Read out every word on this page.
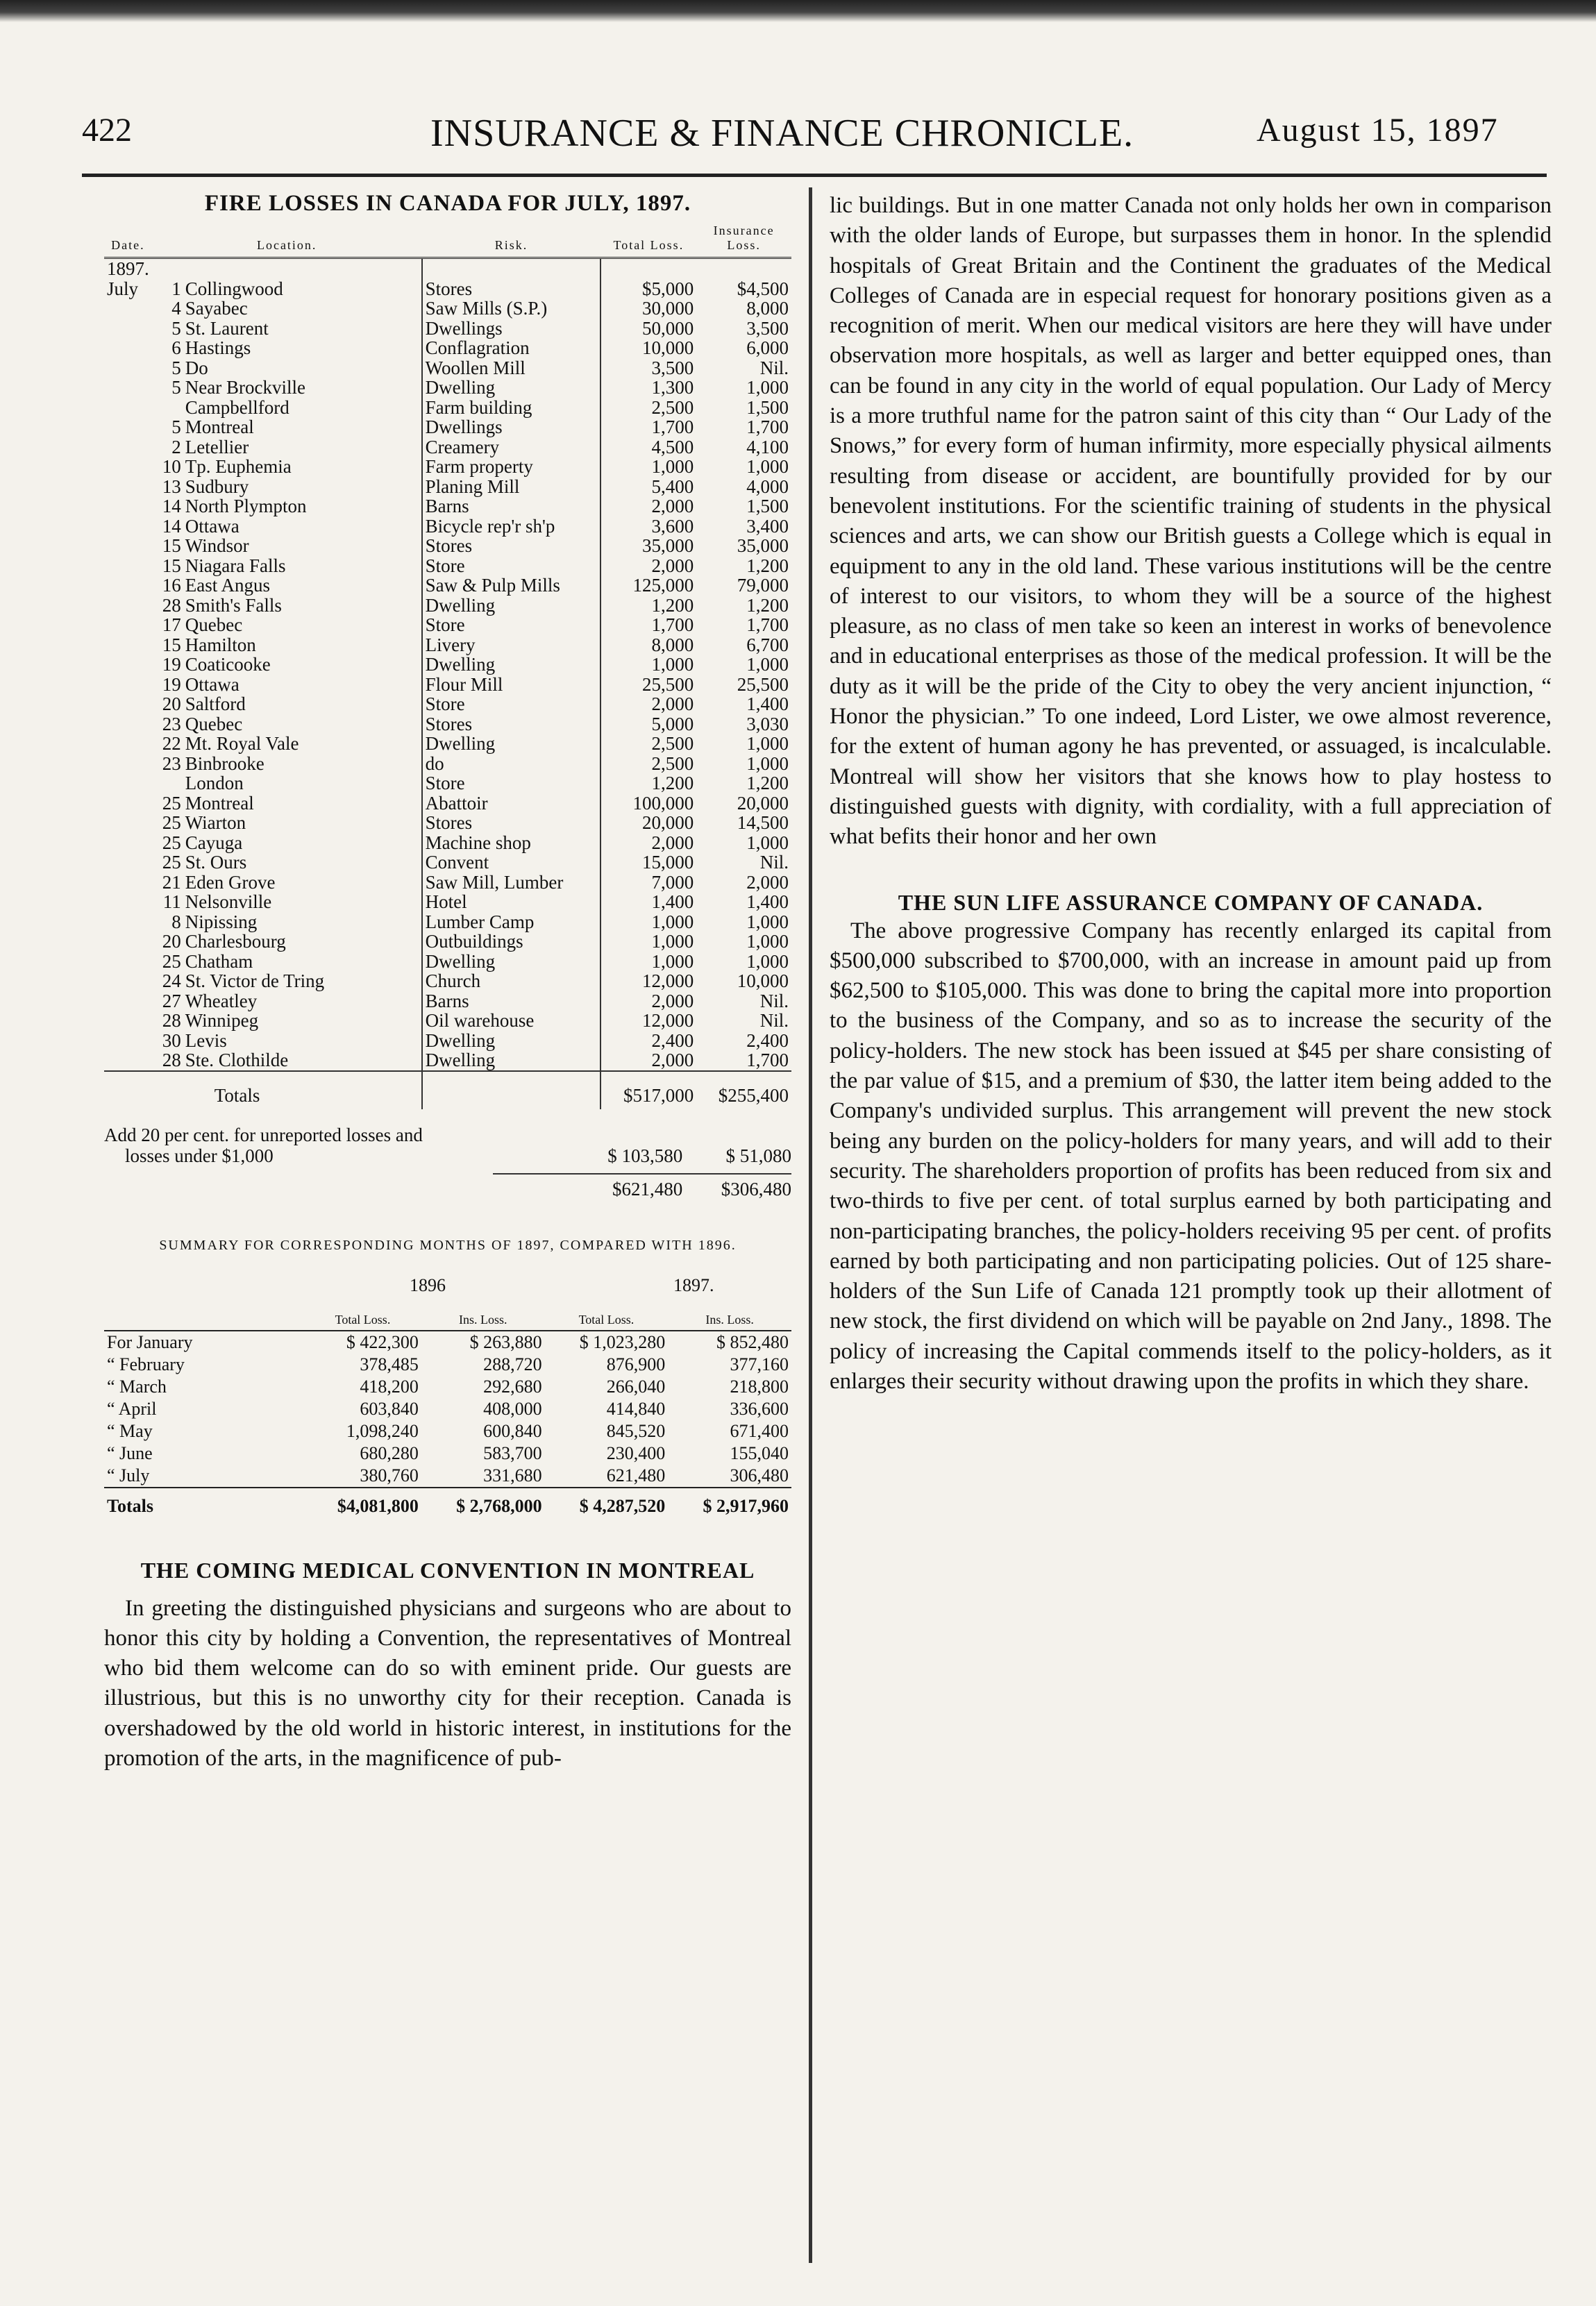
422	INSURANCE & FINANCE CHRONICLE.	August 15, 1897
FIRE LOSSES IN CANADA FOR JULY, 1897.
Date.	Location.	Risk.	Total Loss.	Insurance Loss.
1897.				
July	1 Collingwood	Stores	$5,000	$4,500
	4 Sayabec	Saw Mills (S.P.)	30,000	8,000
	5 St. Laurent	Dwellings	50,000	3,500
	6 Hastings	Conflagration	10,000	6,000
	5 Do	Woollen Mill	3,500	Nil.
	5 Near Brockville	Dwelling	1,300	1,000
	Campbellford	Farm building	2,500	1,500
	5 Montreal	Dwellings	1,700	1,700
	2 Letellier	Creamery	4,500	4,100
	10 Tp. Euphemia	Farm property	1,000	1,000
	13 Sudbury	Planing Mill	5,400	4,000
	14 North Plympton	Barns	2,000	1,500
	14 Ottawa	Bicycle rep'r sh'p	3,600	3,400
	15 Windsor	Stores	35,000	35,000
	15 Niagara Falls	Store	2,000	1,200
	16 East Angus	Saw & Pulp Mills	125,000	79,000
	28 Smith's Falls	Dwelling	1,200	1,200
	17 Quebec	Store	1,700	1,700
	15 Hamilton	Livery	8,000	6,700
	19 Coaticooke	Dwelling	1,000	1,000
	19 Ottawa	Flour Mill	25,500	25,500
	20 Saltford	Store	2,000	1,400
	23 Quebec	Stores	5,000	3,030
	22 Mt. Royal Vale	Dwelling	2,500	1,000
	23 Binbrooke	do	2,500	1,000
	London	Store	1,200	1,200
	25 Montreal	Abattoir	100,000	20,000
	25 Wiarton	Stores	20,000	14,500
	25 Cayuga	Machine shop	2,000	1,000
	25 St. Ours	Convent	15,000	Nil.
	21 Eden Grove	Saw Mill, Lumber	7,000	2,000
	11 Nelsonville	Hotel	1,400	1,400
	8 Nipissing	Lumber Camp	1,000	1,000
	20 Charlesbourg	Outbuildings	1,000	1,000
	25 Chatham	Dwelling	1,000	1,000
	24 St. Victor de Tring	Church	12,000	10,000
	27 Wheatley	Barns	2,000	Nil.
	28 Winnipeg	Oil warehouse	12,000	Nil.
	30 Levis	Dwelling	2,400	2,400
	28 Ste. Clothilde	Dwelling	2,000	1,700
	Totals		$517,000	$255,400
Add 20 per cent. for unreported losses and
losses under $1,000	$ 103,580 $ 51,080
$621,480 $306,480
SUMMARY FOR CORRESPONDING MONTHS OF 1897, COMPARED WITH 1896.
1896	1897.
	Total Loss.	Ins. Loss.	Total Loss.	Ins. Loss.
For January	$ 422,300	$ 263,880	$ 1,023,280	$ 852,480
“ February	378,485	288,720	876,900	377,160
“ March	418,200	292,680	266,040	218,800
“ April	603,840	408,000	414,840	336,600
“ May	1,098,240	600,840	845,520	671,400
“ June	680,280	583,700	230,400	155,040
“ July	380,760	331,680	621,480	306,480
Totals	$4,081,800	$ 2,768,000	$ 4,287,520	$ 2,917,960
THE COMING MEDICAL CONVENTION IN MONTREAL

In greeting the distinguished physicians and surgeons who are about to honor this city by holding a Convention, the representatives of Montreal who bid them welcome can do so with eminent pride. Our guests are illustrious, but this is no unworthy city for their reception. Canada is overshadowed by the old world in historic interest, in institutions for the promotion of the arts, in the magnificence of pub-

lic buildings. But in one matter Canada not only holds her own in comparison with the older lands of Europe, but surpasses them in honor. In the splendid hospitals of Great Britain and the Continent the graduates of the Medical Colleges of Canada are in especial request for honorary positions given as a recognition of merit. When our medical visitors are here they will have under observation more hospitals, as well as larger and better equipped ones, than can be found in any city in the world of equal population. Our Lady of Mercy is a more truthful name for the patron saint of this city than “ Our Lady of the Snows,” for every form of human infirmity, more especially physical ailments resulting from disease or accident, are bountifully provided for by our benevolent institutions. For the scientific training of students in the physical sciences and arts, we can show our British guests a College which is equal in equipment to any in the old land. These various institutions will be the centre of interest to our visitors, to whom they will be a source of the highest pleasure, as no class of men take so keen an interest in works of benevolence and in educational enterprises as those of the medical profession. It will be the duty as it will be the pride of the City to obey the very ancient injunction, “ Honor the physician.” To one indeed, Lord Lister, we owe almost reverence, for the extent of human agony he has prevented, or assuaged, is incalculable. Montreal will show her visitors that she knows how to play hostess to distinguished guests with dignity, with cordiality, with a full appreciation of what befits their honor and her own

THE SUN LIFE ASSURANCE COMPANY OF CANADA.

The above progressive Company has recently enlarged its capital from $500,000 subscribed to $700,000, with an increase in amount paid up from $62,500 to $105,000. This was done to bring the capital more into proportion to the business of the Company, and so as to increase the security of the policy-holders. The new stock has been issued at $45 per share consisting of the par value of $15, and a premium of $30, the latter item being added to the Company's undivided surplus. This arrangement will prevent the new stock being any burden on the policy-holders for many years, and will add to their security. The shareholders proportion of profits has been reduced from six and two-thirds to five per cent. of total surplus earned by both participating and non-participating branches, the policy-holders receiving 95 per cent. of profits earned by both participating and non participating policies. Out of 125 share-holders of the Sun Life of Canada 121 promptly took up their allotment of new stock, the first dividend on which will be payable on 2nd Jany., 1898. The policy of increasing the Capital commends itself to the policy-holders, as it enlarges their security without drawing upon the profits in which they share.
